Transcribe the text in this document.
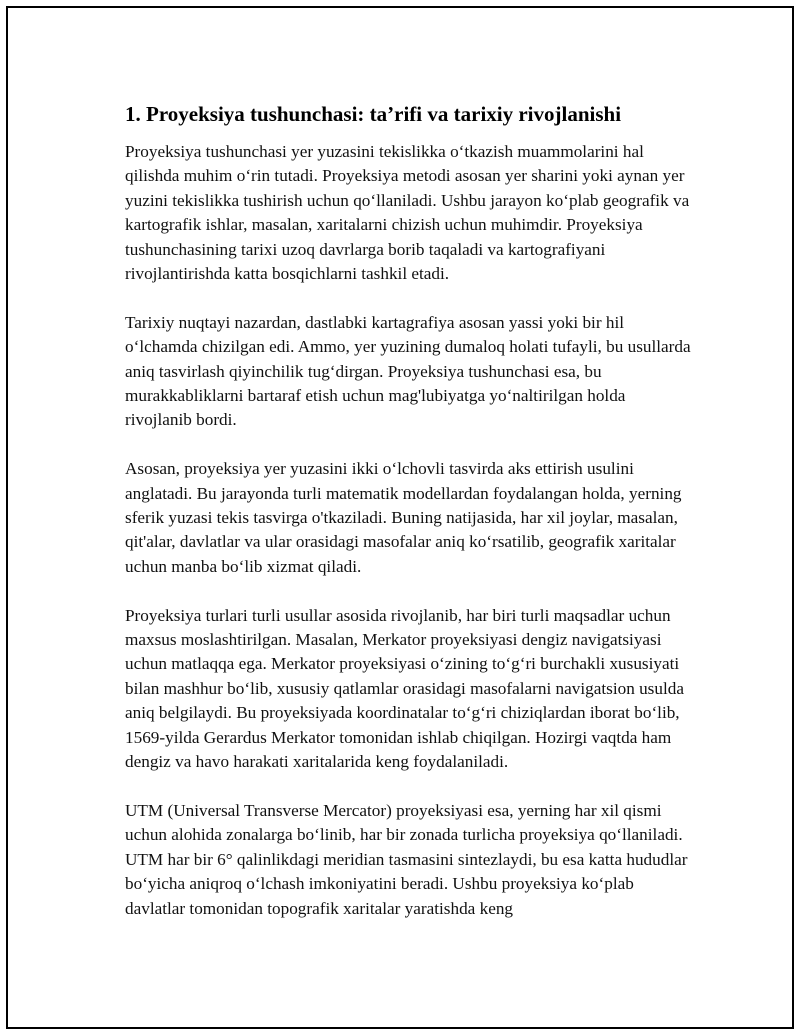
1. Proyeksiya tushunchasi: ta’rifi va tarixiy rivojlanishi

Proyeksiya tushunchasi yer yuzasini tekislikka o‘tkazish muammolarini hal qilishda muhim o‘rin tutadi. Proyeksiya metodi asosan yer sharini yoki aynan yer yuzini tekislikka tushirish uchun qo‘llaniladi. Ushbu jarayon ko‘plab geografik va kartografik ishlar, masalan, xaritalarni chizish uchun muhimdir. Proyeksiya tushunchasining tarixi uzoq davrlarga borib taqaladi va kartografiyani rivojlantirishda katta bosqichlarni tashkil etadi.

Tarixiy nuqtayi nazardan, dastlabki kartagrafiya asosan yassi yoki bir hil o‘lchamda chizilgan edi. Ammo, yer yuzining dumaloq holati tufayli, bu usullarda aniq tasvirlash qiyinchilik tug‘dirgan. Proyeksiya tushunchasi esa, bu murakkabliklarni bartaraf etish uchun mag'lubiyatga yo‘naltirilgan holda rivojlanib bordi.

Asosan, proyeksiya yer yuzasini ikki o‘lchovli tasvirda aks ettirish usulini anglatadi. Bu jarayonda turli matematik modellardan foydalangan holda, yerning sferik yuzasi tekis tasvirga o'tkaziladi. Buning natijasida, har xil joylar, masalan, qit'alar, davlatlar va ular orasidagi masofalar aniq ko‘rsatilib, geografik xaritalar uchun manba bo‘lib xizmat qiladi.

Proyeksiya turlari turli usullar asosida rivojlanib, har biri turli maqsadlar uchun maxsus moslashtirilgan. Masalan, Merkator proyeksiyasi dengiz navigatsiyasi uchun matlaqqa ega. Merkator proyeksiyasi o‘zining to‘g‘ri burchakli xususiyati bilan mashhur bo‘lib, xususiy qatlamlar orasidagi masofalarni navigatsion usulda aniq belgilaydi. Bu proyeksiyada koordinatalar to‘g‘ri chiziqlardan iborat bo‘lib, 1569-yilda Gerardus Merkator tomonidan ishlab chiqilgan. Hozirgi vaqtda ham dengiz va havo harakati xaritalarida keng foydalaniladi.

UTM (Universal Transverse Mercator) proyeksiyasi esa, yerning har xil qismi uchun alohida zonalarga bo‘linib, har bir zonada turlicha proyeksiya qo‘llaniladi. UTM har bir 6° qalinlikdagi meridian tasmasini sintezlaydi, bu esa katta hududlar bo‘yicha aniqroq o‘lchash imkoniyatini beradi. Ushbu proyeksiya ko‘plab davlatlar tomonidan topografik xaritalar yaratishda keng
